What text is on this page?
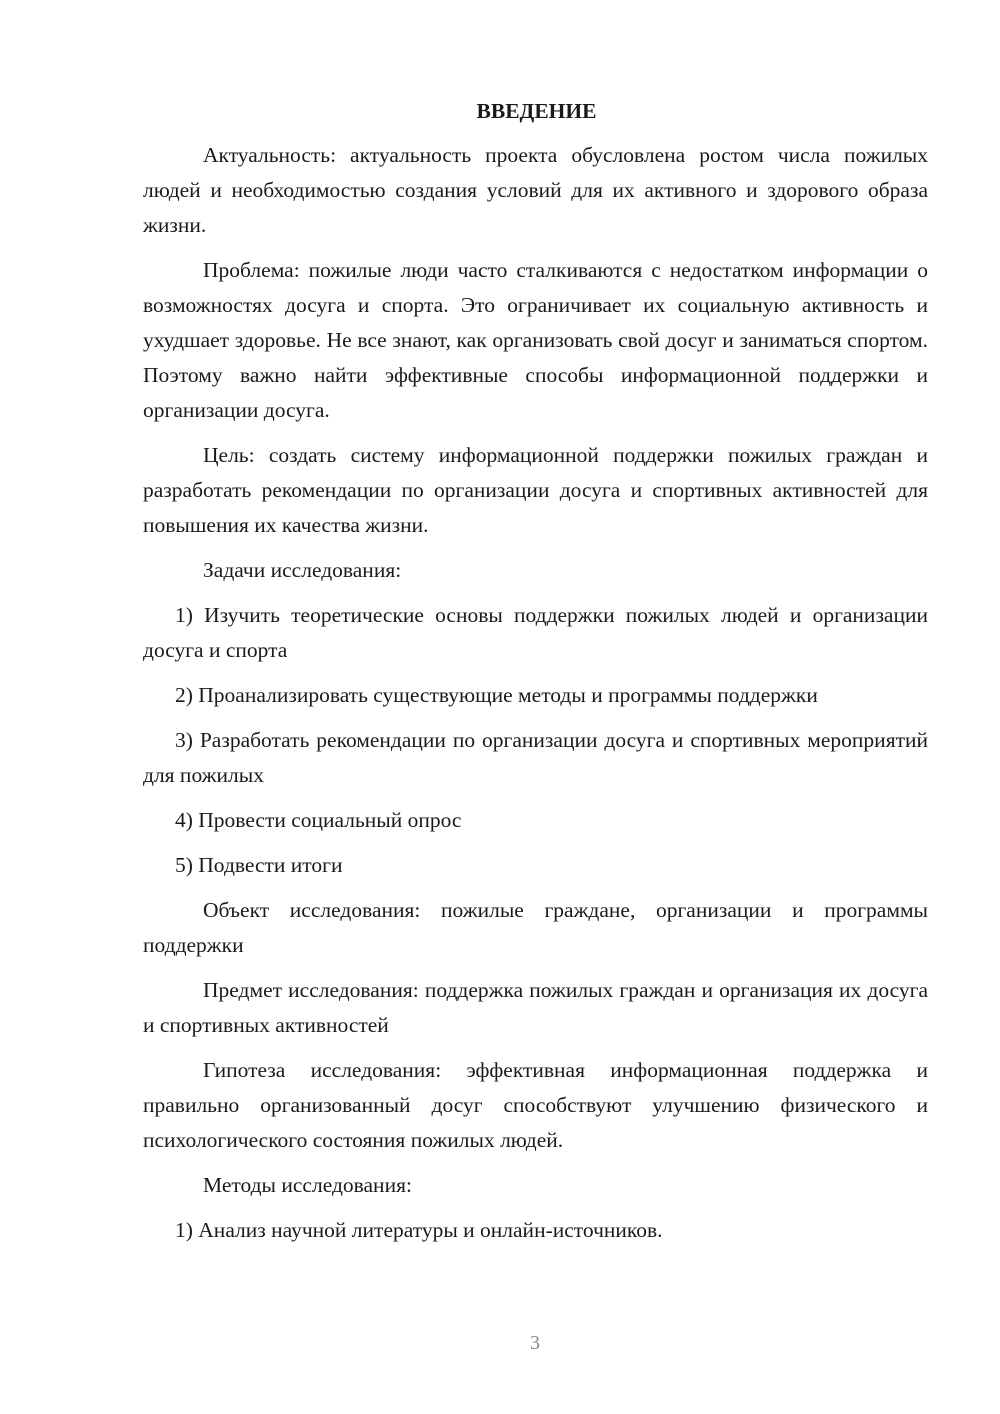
ВВЕДЕНИЕ

Актуальность: актуальность проекта обусловлена ростом числа пожилых людей и необходимостью создания условий для их активного и здорового образа жизни.

Проблема: пожилые люди часто сталкиваются с недостатком информации о возможностях досуга и спорта. Это ограничивает их социальную активность и ухудшает здоровье. Не все знают, как организовать свой досуг и заниматься спортом. Поэтому важно найти эффективные способы информационной поддержки и организации досуга.

Цель: создать систему информационной поддержки пожилых граждан и разработать рекомендации по организации досуга и спортивных активностей для повышения их качества жизни.

Задачи исследования:

1) Изучить теоретические основы поддержки пожилых людей и организации досуга и спорта

2) Проанализировать существующие методы и программы поддержки

3) Разработать рекомендации по организации досуга и спортивных мероприятий для пожилых

4) Провести социальный опрос

5) Подвести итоги

Объект исследования: пожилые граждане, организации и программы поддержки

Предмет исследования: поддержка пожилых граждан и организация их досуга и спортивных активностей

Гипотеза исследования: эффективная информационная поддержка и правильно организованный досуг способствуют улучшению физического и психологического состояния пожилых людей.

Методы исследования:

1) Анализ научной литературы и онлайн-источников.

3
